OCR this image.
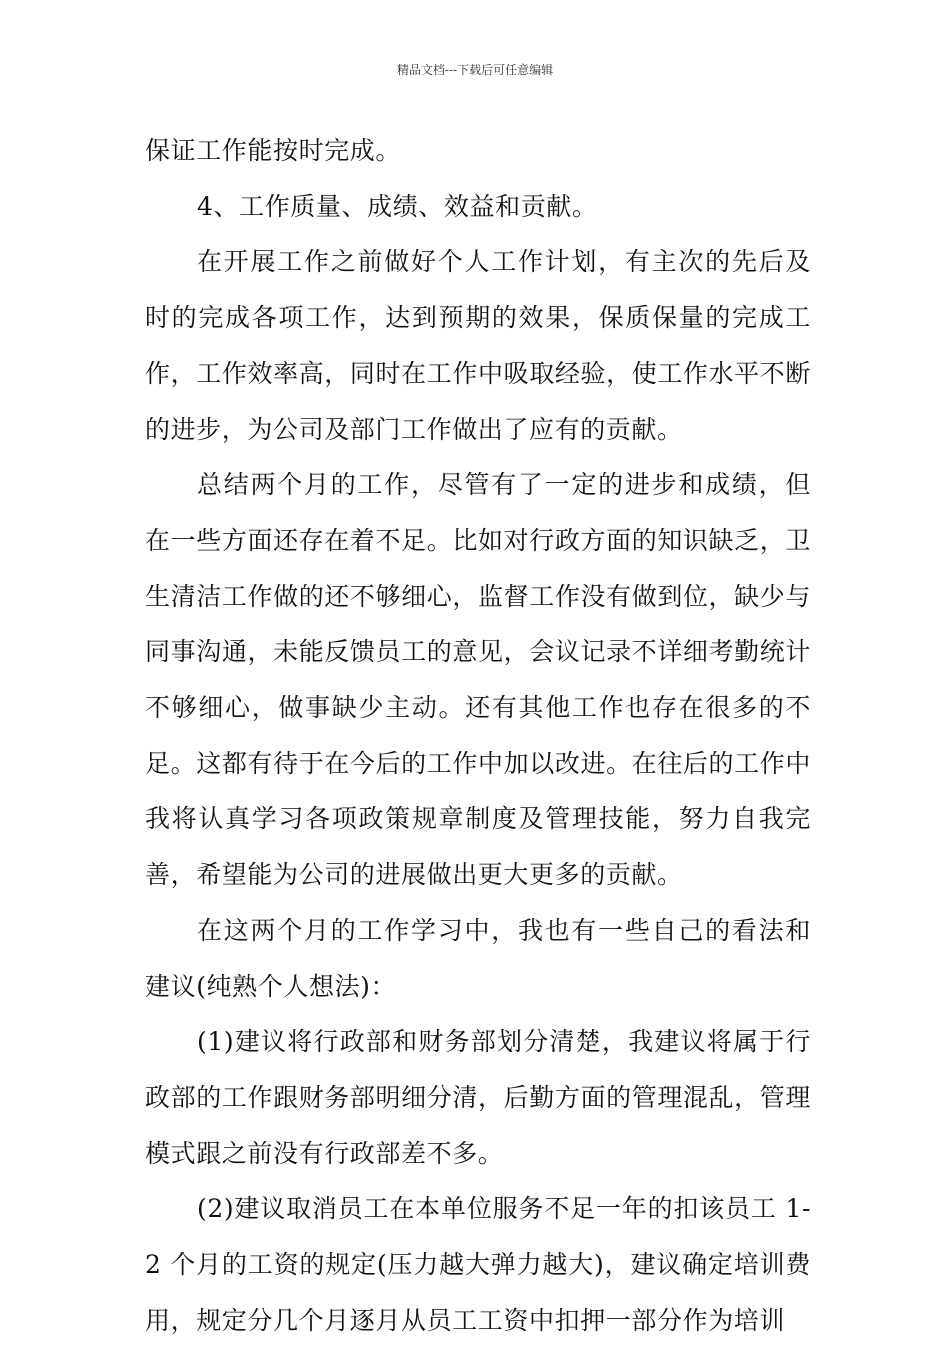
精品文档---下载后可任意编辑

保证工作能按时完成。

4、工作质量、成绩、效益和贡献。

在开展工作之前做好个人工作计划，有主次的先后及时的完成各项工作，达到预期的效果，保质保量的完成工作，工作效率高，同时在工作中吸取经验，使工作水平不断的进步，为公司及部门工作做出了应有的贡献。

总结两个月的工作，尽管有了一定的进步和成绩，但在一些方面还存在着不足。比如对行政方面的知识缺乏，卫生清洁工作做的还不够细心，监督工作没有做到位，缺少与同事沟通，未能反馈员工的意见，会议记录不详细考勤统计不够细心，做事缺少主动。还有其他工作也存在很多的不足。这都有待于在今后的工作中加以改进。在往后的工作中我将认真学习各项政策规章制度及管理技能，努力自我完善，希望能为公司的进展做出更大更多的贡献。

在这两个月的工作学习中，我也有一些自己的看法和建议(纯熟个人想法)：

(1)建议将行政部和财务部划分清楚，我建议将属于行政部的工作跟财务部明细分清，后勤方面的管理混乱，管理模式跟之前没有行政部差不多。

(2)建议取消员工在本单位服务不足一年的扣该员工 1-2 个月的工资的规定(压力越大弹力越大)，建议确定培训费用，规定分几个月逐月从员工工资中扣押一部分作为培训
